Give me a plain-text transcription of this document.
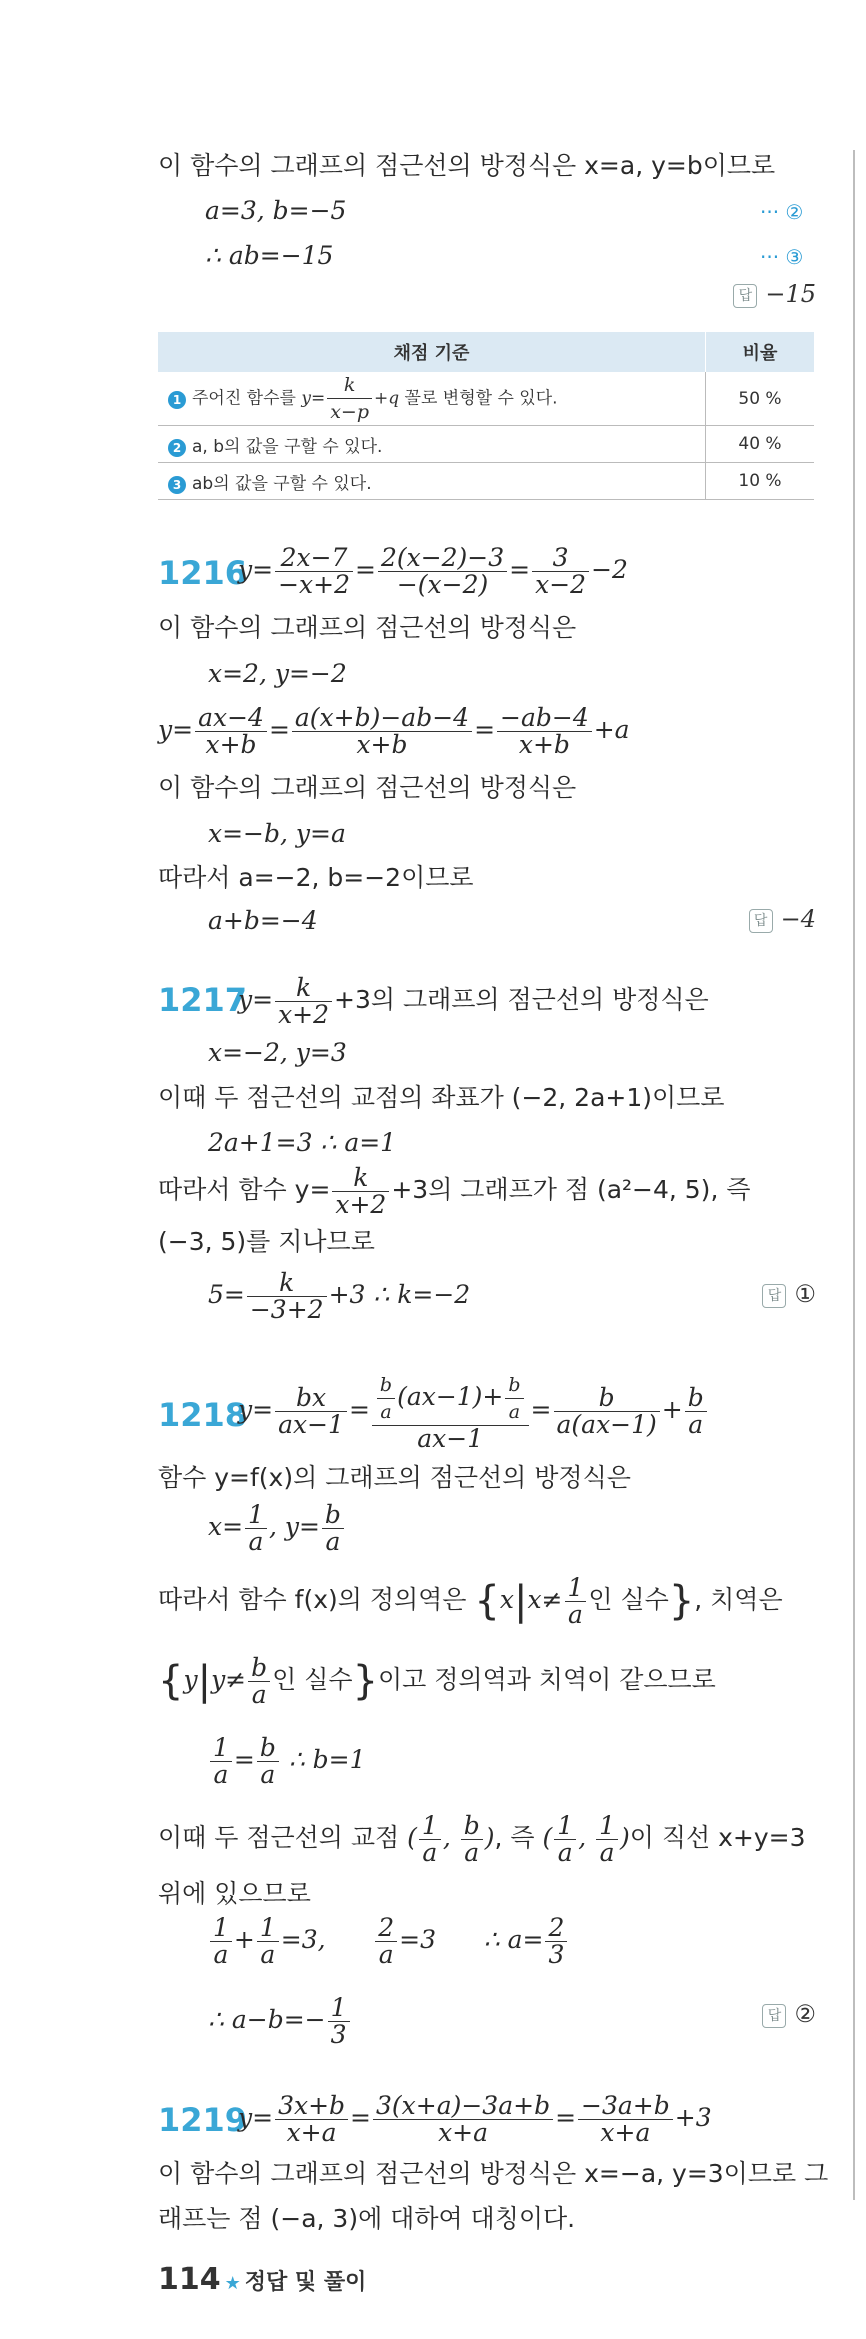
이 함수의 그래프의 점근선의 방정식은 x=a, y=b이므로
a=3, b=−5	··· ②
∴ ab=−15	··· ③
답 −15
채점 기준	비율
1 주어진 함수를 $y= \frac{k}{x-p} +q$ 꼴로 변형할 수 있다.	50 %
2 a, b의 값을 구할 수 있다.	40 %
3 ab의 값을 구할 수 있다.	10 %
1216
$y= \frac{2x-7}{-x+2} = \frac{2(x-2)-3}{-(x-2)} = \frac{3}{x-2} -2$
이 함수의 그래프의 점근선의 방정식은
x=2, y=−2
$y= \frac{ax-4}{x+b} = \frac{a(x+b)-ab-4}{x+b} = \frac{-ab-4}{x+b} +a$
이 함수의 그래프의 점근선의 방정식은
x=−b, y=a
따라서 a=−2, b=−2이므로
a+b=−4	답 −4
1217
$y= \frac{k}{x+2} +3$의 그래프의 점근선의 방정식은
x=−2, y=3
이때 두 점근선의 교점의 좌표가 (−2, 2a+1)이므로
2a+1=3 ∴ a=1
따라서 함수 $y= \frac{k}{x+2} +3$의 그래프가 점 (a²−4, 5), 즉
(−3, 5)를 지나므로
$5= \frac{k}{-3+2} +3$ ∴ k=−2	답 ①
1218
$y= \frac{bx}{ax-1} = \frac{\frac{b}{a} (ax-1)+ \frac{b}{a}}{ax-1} = \frac{b}{a(ax-1)} + \frac{b}{a}$
함수 y=f(x)의 그래프의 점근선의 방정식은
$x= \frac{1}{a}$ , $y= \frac{b}{a}$
따라서 함수 f(x)의 정의역은 {$x|x\ne \frac{1}{a}$ 인 실수}, 치역은
{$y|y\ne \frac{b}{a}$ 인 실수}이고 정의역과 치역이 같으므로
$\frac{1}{a} = \frac{b}{a}$ ∴ b=1
이때 두 점근선의 교점 ( $\frac{1}{a}$ , $\frac{b}{a}$ ), 즉 ( $\frac{1}{a}$ , $\frac{1}{a}$ )이 직선 x+y=3
위에 있으므로
$\frac{1}{a} + \frac{1}{a} =3$, $\frac{2}{a} =3$ ∴ $a= \frac{2}{3}$
∴ $a-b=- \frac{1}{3}$	답 ②
1219
$y= \frac{3x+b}{x+a} = \frac{3(x+a)-3a+b}{x+a} = \frac{-3a+b}{x+a} +3$
이 함수의 그래프의 점근선의 방정식은 x=−a, y=3이므로 그
래프는 점 (−a, 3)에 대하여 대칭이다.
114 ★ 정답 및 풀이
